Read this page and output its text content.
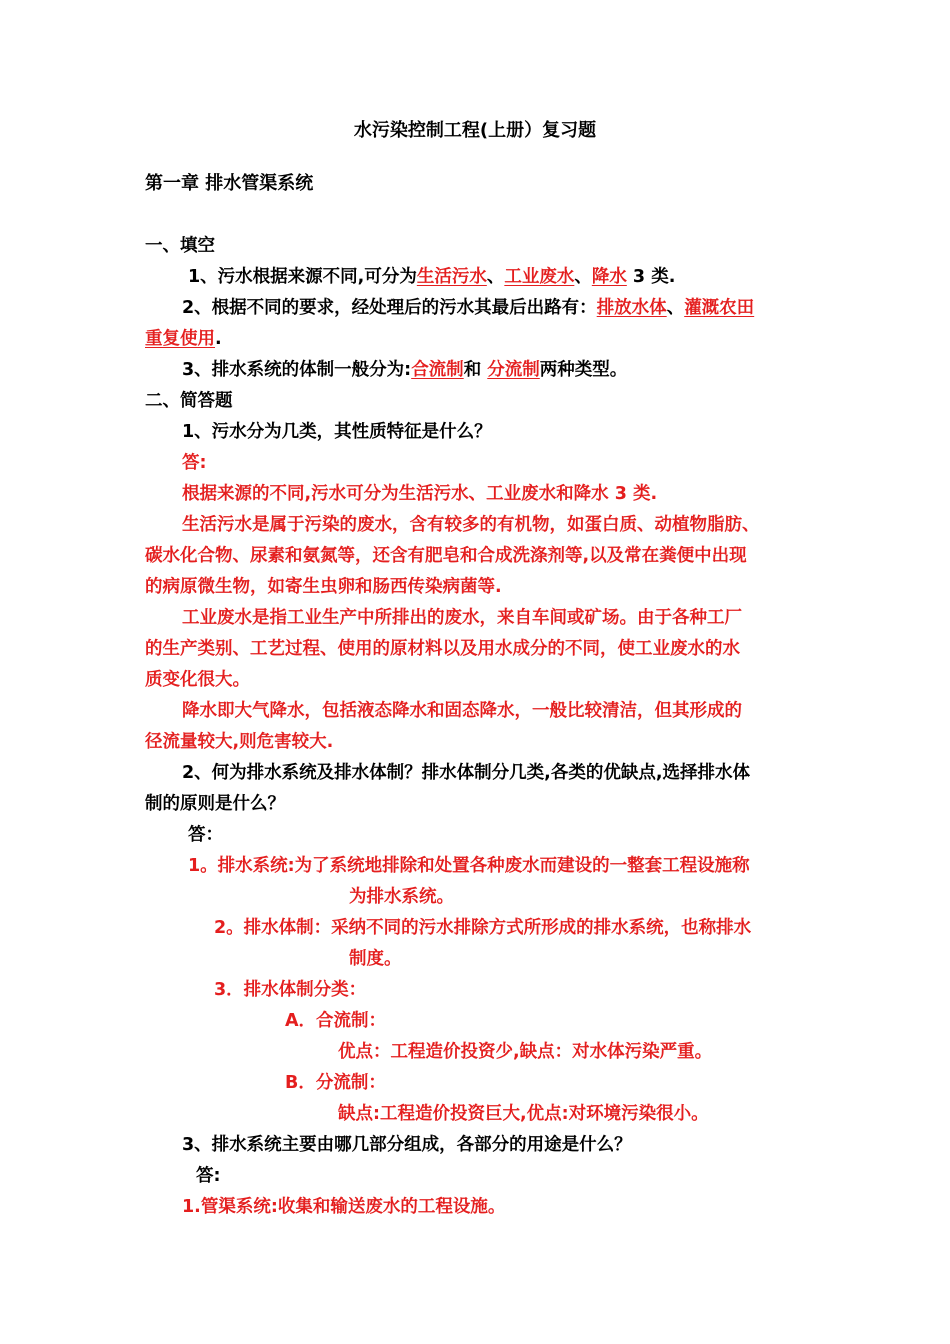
水污染控制工程(上册）复习题
第一章 排水管渠系统
一、填空
1、污水根据来源不同,可分为生活污水、工业废水、降水 3 类.
2、根据不同的要求，经处理后的污水其最后出路有：排放水体、灌溉农田
重复使用.
3、排水系统的体制一般分为:合流制和 分流制两种类型。
二、简答题
1、污水分为几类，其性质特征是什么？
答:
根据来源的不同,污水可分为生活污水、工业废水和降水 3 类.
生活污水是属于污染的废水，含有较多的有机物，如蛋白质、动植物脂肪、
碳水化合物、尿素和氨氮等，还含有肥皂和合成洗涤剂等,以及常在粪便中出现
的病原微生物，如寄生虫卵和肠西传染病菌等.
工业废水是指工业生产中所排出的废水，来自车间或矿场。由于各种工厂
的生产类别、工艺过程、使用的原材料以及用水成分的不同，使工业废水的水
质变化很大。
降水即大气降水，包括液态降水和固态降水，一般比较清洁，但其形成的
径流量较大,则危害较大.
2、何为排水系统及排水体制？排水体制分几类,各类的优缺点,选择排水体
制的原则是什么？
答：
1。排水系统:为了系统地排除和处置各种废水而建设的一整套工程设施称
为排水系统。
2。排水体制：采纳不同的污水排除方式所形成的排水系统，也称排水
制度。
3．排水体制分类：
A．合流制：
优点：工程造价投资少,缺点：对水体污染严重。
B．分流制：
缺点:工程造价投资巨大,优点:对环境污染很小。
3、排水系统主要由哪几部分组成，各部分的用途是什么？
答:
1.管渠系统:收集和输送废水的工程设施。
